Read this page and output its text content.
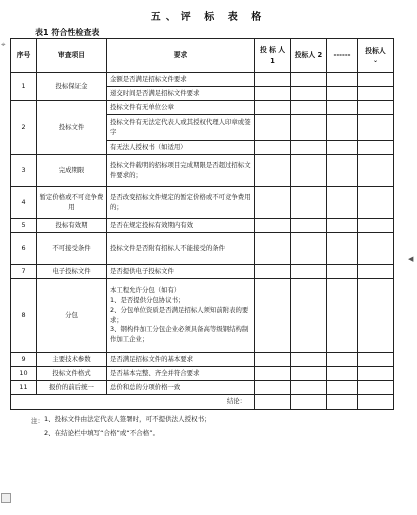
⌖
◀
五、评 标 表 格
表1 符合性检查表
序号	审查项目	要求	投 标 人 1	投标人 2	------	投标人
⌄

1	投标保证金	金额是否满足招标文件要求				
		递交时间是否满足招标文件要求				
2	投标文件	投标文件有无单位公章				
		投标文件有无法定代表人或其授权代理人印章或签字				
		有无法人授权书（如适用）				
3	完成期限	投标文件载明的招标项目完成期限是否超过招标文件要求的；				
4	暂定价格或不可竞争费用	是否改变招标文件规定的暂定价格或不可竞争费用的；				
5	投标有效期	是否在规定投标有效期内有效				
6	不可接受条件	投标文件是否附有招标人不能接受的条件				
7	电子投标文件	是否提供电子投标文件				
8	分包	本工程允许分包（如有）
1、是否提供分包协议书；
2、分包单位资质是否满足招标人须知前附表的要求；
3、钢构件加工分包企业必须具备高等级钢结构制作加工企业；				
9	主要技术参数	是否满足招标文件的基本要求				
10	投标文件格式	是否基本完整、齐全并符合要求				
11	报价的前后统一	总价和总的分项价格一致				
结论：						
注： 1、投标文件由法定代表人签署时，可不提供法人授权书；
2、在结论栏中填写“合格”或“不合格”。
